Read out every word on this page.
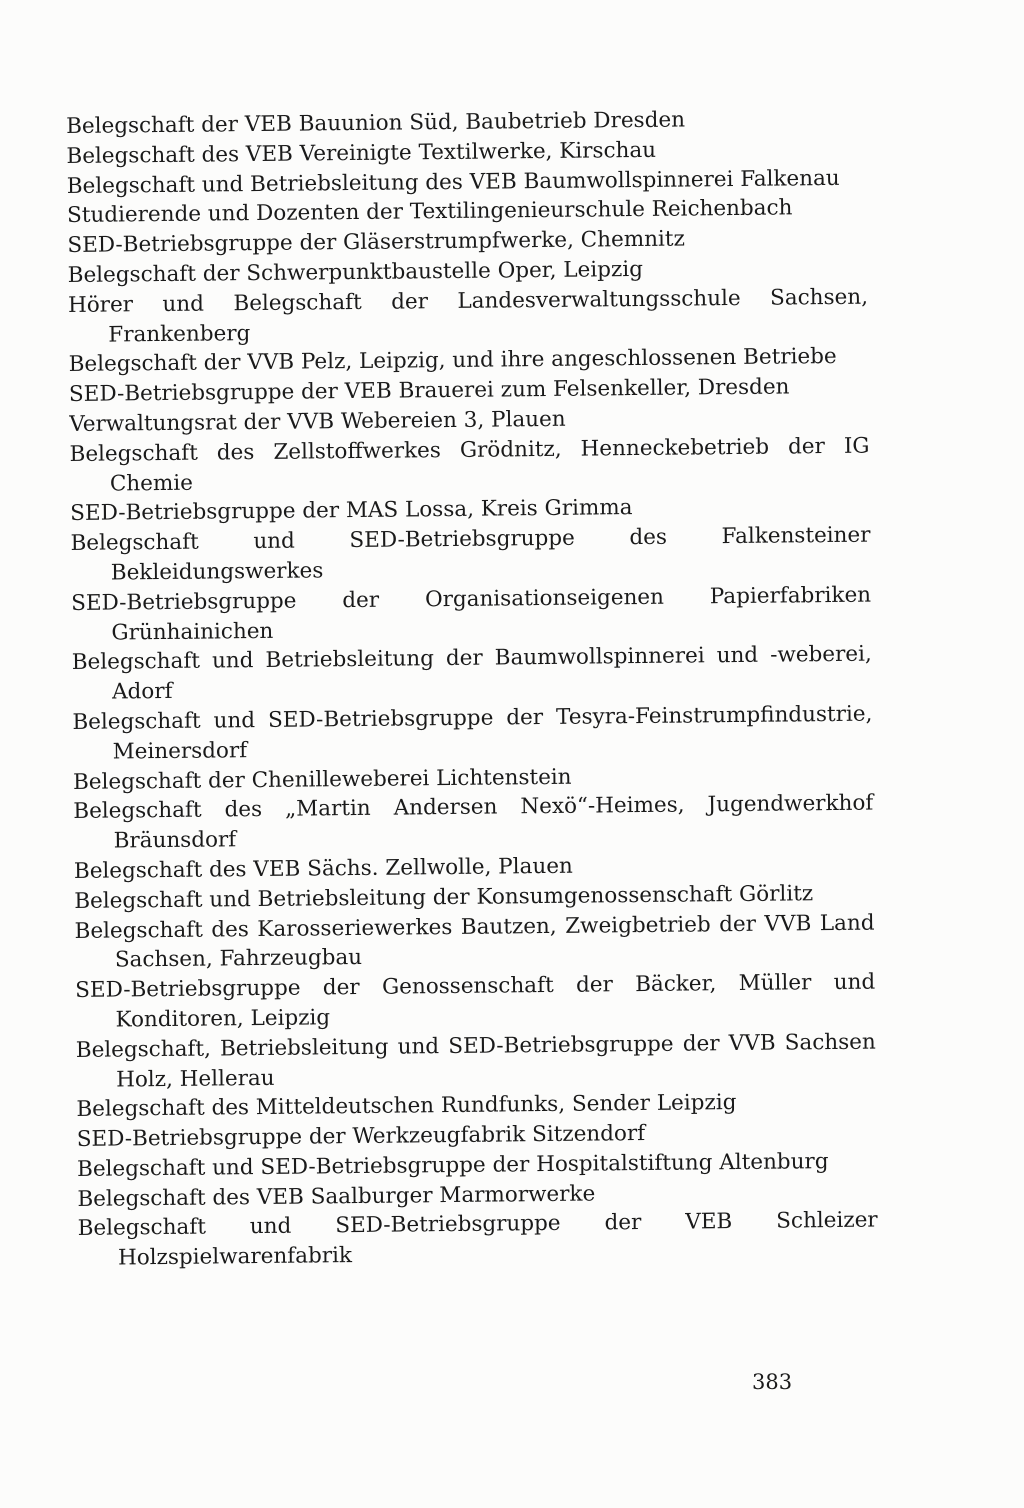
Belegschaft der VEB Bauunion Süd, Baubetrieb Dresden
Belegschaft des VEB Vereinigte Textilwerke, Kirschau
Belegschaft und Betriebsleitung des VEB Baumwollspinnerei Falkenau
Studierende und Dozenten der Textilingenieurschule Reichenbach
SED-Betriebsgruppe der Gläserstrumpfwerke, Chemnitz
Belegschaft der Schwerpunktbaustelle Oper, Leipzig
Hörer und Belegschaft der Landesverwaltungsschule Sachsen, Frankenberg
Belegschaft der VVB Pelz, Leipzig, und ihre angeschlossenen Betriebe
SED-Betriebsgruppe der VEB Brauerei zum Felsenkeller, Dresden
Verwaltungsrat der VVB Webereien 3, Plauen
Belegschaft des Zellstoffwerkes Grödnitz, Henneckebetrieb der IG Chemie
SED-Betriebsgruppe der MAS Lossa, Kreis Grimma
Belegschaft und SED-Betriebsgruppe des Falkensteiner Bekleidungswerkes
SED-Betriebsgruppe der Organisationseigenen Papierfabriken Grünhainichen
Belegschaft und Betriebsleitung der Baumwollspinnerei und -weberei, Adorf
Belegschaft und SED-Betriebsgruppe der Tesyra-Feinstrumpfindustrie, Meinersdorf
Belegschaft der Chenilleweberei Lichtenstein
Belegschaft des „Martin Andersen Nexö“-Heimes, Jugendwerkhof Bräunsdorf
Belegschaft des VEB Sächs. Zellwolle, Plauen
Belegschaft und Betriebsleitung der Konsumgenossenschaft Görlitz
Belegschaft des Karosseriewerkes Bautzen, Zweigbetrieb der VVB Land Sachsen, Fahrzeugbau
SED-Betriebsgruppe der Genossenschaft der Bäcker, Müller und Konditoren, Leipzig
Belegschaft, Betriebsleitung und SED-Betriebsgruppe der VVB Sachsen Holz, Hellerau
Belegschaft des Mitteldeutschen Rundfunks, Sender Leipzig
SED-Betriebsgruppe der Werkzeugfabrik Sitzendorf
Belegschaft und SED-Betriebsgruppe der Hospitalstiftung Altenburg
Belegschaft des VEB Saalburger Marmorwerke
Belegschaft und SED-Betriebsgruppe der VEB Schleizer Holzspielwarenfabrik
383
